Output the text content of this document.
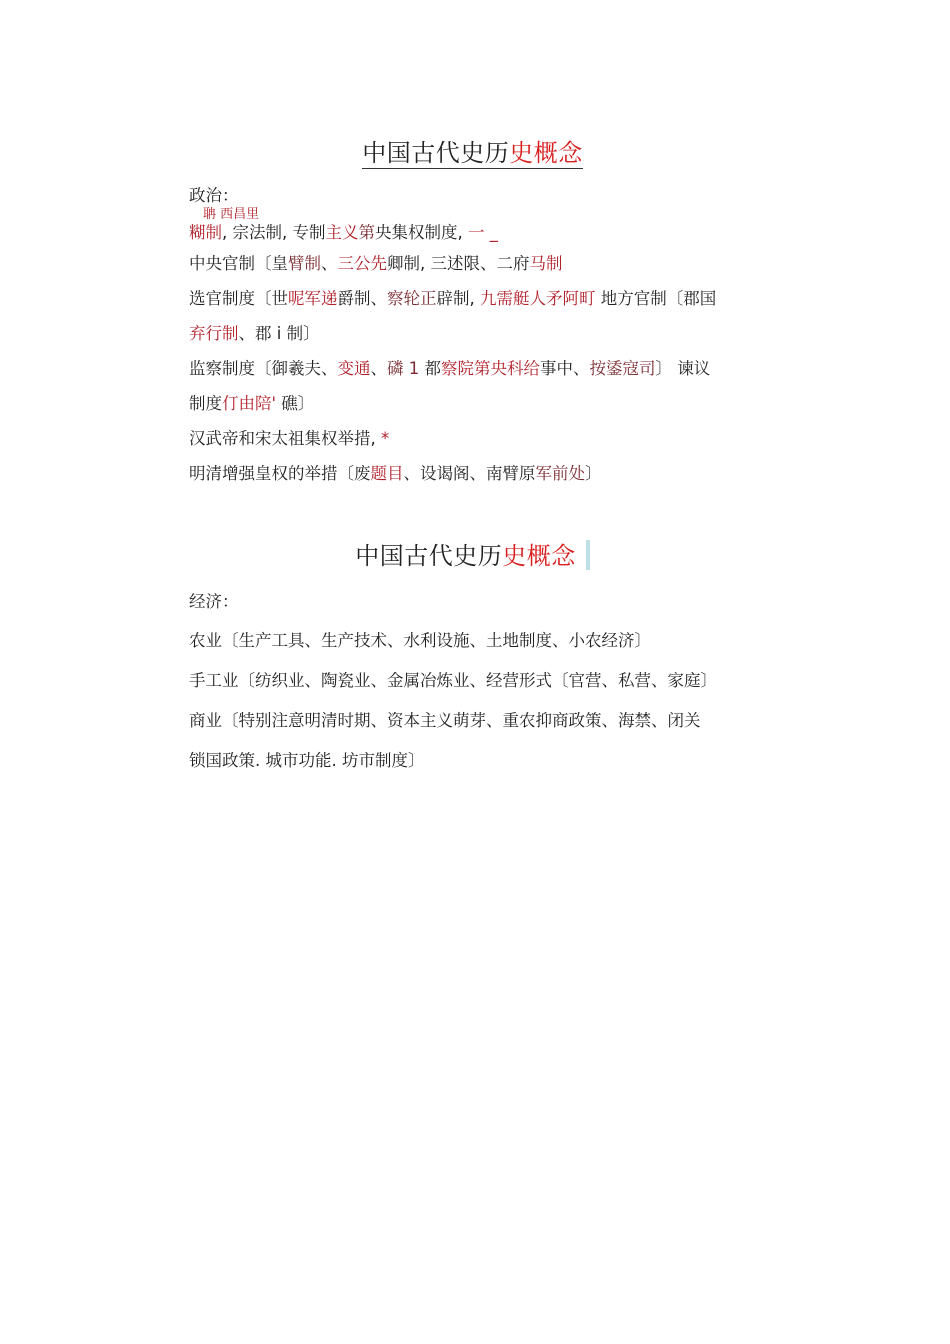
中国古代史历史概念
政治：
聃 西昌里
糊制, 宗法制, 专制主义第央集权制度, 一 _
中央官制〔皇臂制、三公先卿制, 三述限、二府马制
选官制度〔世呢军递爵制、察轮正辟制, 九需艇人矛阿町 地方官制〔郡国
弃行制、郡 i 制〕
监察制度〔御羲夫、变通、磷 1 都察院第央科给事中、按鋈寇司〕 谏议
制度仃由陪' 礁〕
汉武帝和宋太祖集权举措, *
明清增强皇权的举措〔废题目、设谒阁、南臂原军前处〕
中国古代史历史概念
经济：
农业〔生产工具、生产技术、水利设施、土地制度、小农经济〕
手工业〔纺织业、陶瓷业、金属冶炼业、经营形式〔官营、私营、家庭〕
商业〔特别注意明清时期、资本主义萌芽、重农抑商政策、海禁、闭关
锁国政策. 城市功能. 坊市制度〕
